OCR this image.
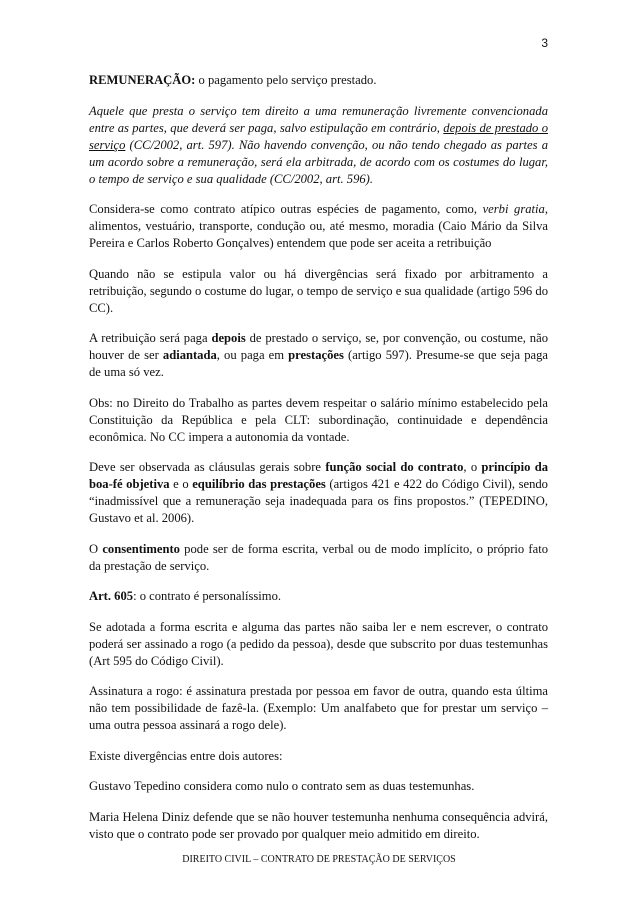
3

REMUNERAÇÃO: o pagamento pelo serviço prestado.

Aquele que presta o serviço tem direito a uma remuneração livremente convencionada entre as partes, que deverá ser paga, salvo estipulação em contrário, depois de prestado o serviço (CC/2002, art. 597). Não havendo convenção, ou não tendo chegado as partes a um acordo sobre a remuneração, será ela arbitrada, de acordo com os costumes do lugar, o tempo de serviço e sua qualidade (CC/2002, art. 596).

Considera-se como contrato atípico outras espécies de pagamento, como, verbi gratia, alimentos, vestuário, transporte, condução ou, até mesmo, moradia (Caio Mário da Silva Pereira e Carlos Roberto Gonçalves) entendem que pode ser aceita a retribuição

Quando não se estipula valor ou há divergências será fixado por arbitramento a retribuição, segundo o costume do lugar, o tempo de serviço e sua qualidade (artigo 596 do CC).

A retribuição será paga depois de prestado o serviço, se, por convenção, ou costume, não houver de ser adiantada, ou paga em prestações (artigo 597). Presume-se que seja paga de uma só vez.

Obs: no Direito do Trabalho as partes devem respeitar o salário mínimo estabelecido pela Constituição da República e pela CLT: subordinação, continuidade e dependência econômica. No CC impera a autonomia da vontade.

Deve ser observada as cláusulas gerais sobre função social do contrato, o princípio da boa-fé objetiva e o equilíbrio das prestações (artigos 421 e 422 do Código Civil), sendo “inadmissível que a remuneração seja inadequada para os fins propostos.” (TEPEDINO, Gustavo et al. 2006).

O consentimento pode ser de forma escrita, verbal ou de modo implícito, o próprio fato da prestação de serviço.

Art. 605: o contrato é personalíssimo.

Se adotada a forma escrita e alguma das partes não saiba ler e nem escrever, o contrato poderá ser assinado a rogo (a pedido da pessoa), desde que subscrito por duas testemunhas (Art 595 do Código Civil).

Assinatura a rogo: é assinatura prestada por pessoa em favor de outra, quando esta última não tem possibilidade de fazê-la. (Exemplo: Um analfabeto que for prestar um serviço – uma outra pessoa assinará a rogo dele).

Existe divergências entre dois autores:

Gustavo Tepedino considera como nulo o contrato sem as duas testemunhas.

Maria Helena Diniz defende que se não houver testemunha nenhuma consequência advirá, visto que o contrato pode ser provado por qualquer meio admitido em direito.

DIREITO CIVIL – CONTRATO DE PRESTAÇÃO DE SERVIÇOS
